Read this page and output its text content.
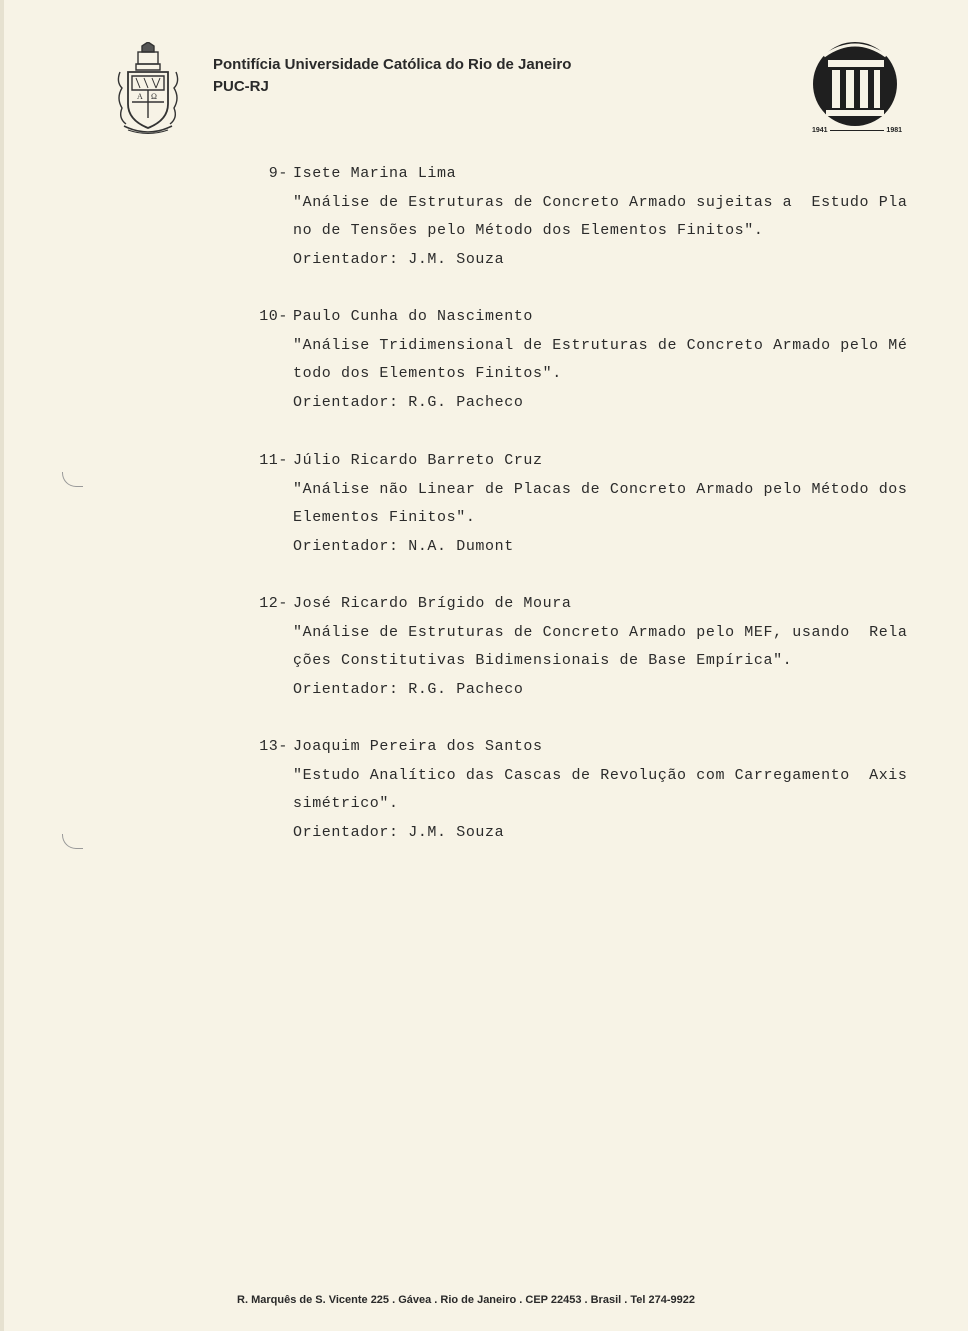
A Ω
Pontifícia Universidade Católica do Rio de Janeiro
PUC-RJ
1941	1981
9- Isete Marina Lima
"Análise de Estruturas de Concreto Armado sujeitas a  Estudo Pla
no de Tensões pelo Método dos Elementos Finitos".
Orientador: J.M. Souza
10- Paulo Cunha do Nascimento
"Análise Tridimensional de Estruturas de Concreto Armado pelo Mé
todo dos Elementos Finitos".
Orientador: R.G. Pacheco
11- Júlio Ricardo Barreto Cruz
"Análise não Linear de Placas de Concreto Armado pelo Método dos
Elementos Finitos".
Orientador: N.A. Dumont
12- José Ricardo Brígido de Moura
"Análise de Estruturas de Concreto Armado pelo MEF, usando  Rela
ções Constitutivas Bidimensionais de Base Empírica".
Orientador: R.G. Pacheco
13- Joaquim Pereira dos Santos
"Estudo Analítico das Cascas de Revolução com Carregamento  Axis
simétrico".
Orientador: J.M. Souza
R. Marquês de S. Vicente 225 . Gávea . Rio de Janeiro . CEP 22453 . Brasil . Tel 274-9922
